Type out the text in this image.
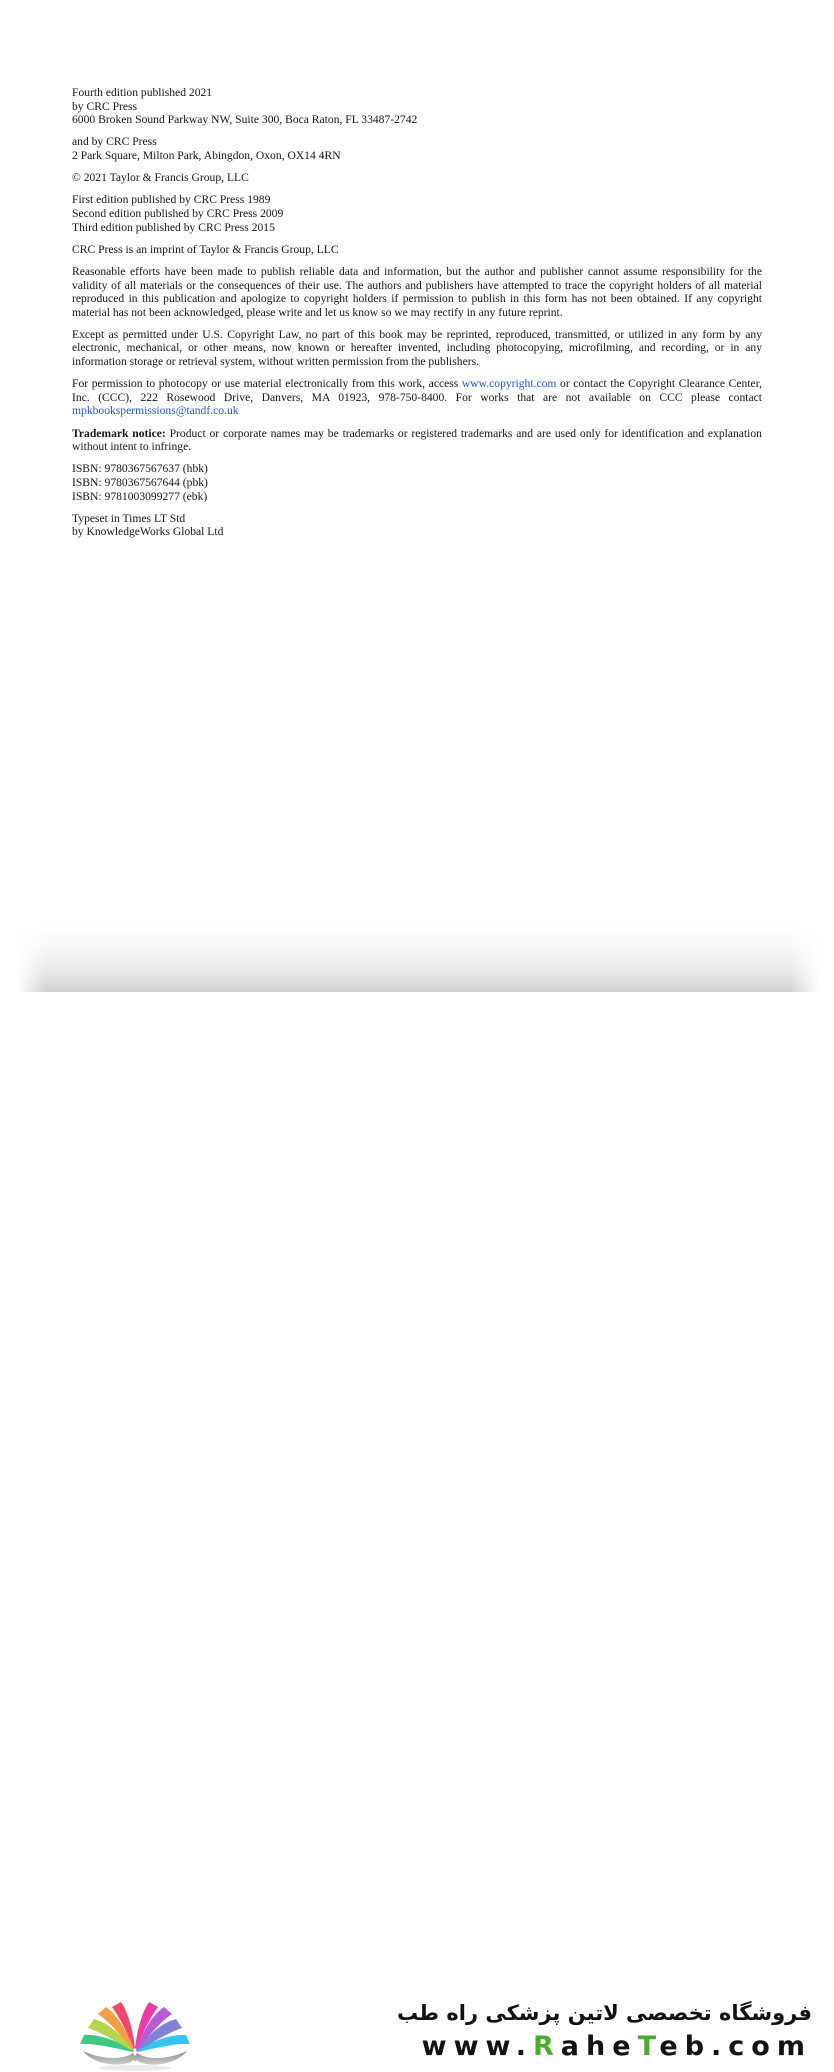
Fourth edition published 2021
by CRC Press
6000 Broken Sound Parkway NW, Suite 300, Boca Raton, FL 33487-2742
and by CRC Press
2 Park Square, Milton Park, Abingdon, Oxon, OX14 4RN
© 2021 Taylor & Francis Group, LLC
First edition published by CRC Press 1989
Second edition published by CRC Press 2009
Third edition published by CRC Press 2015
CRC Press is an imprint of Taylor & Francis Group, LLC
Reasonable efforts have been made to publish reliable data and information, but the author and publisher cannot assume responsibility for the validity of all materials or the consequences of their use. The authors and publishers have attempted to trace the copyright holders of all material reproduced in this publication and apologize to copyright holders if permission to publish in this form has not been obtained. If any copyright material has not been acknowledged, please write and let us know so we may rectify in any future reprint.
Except as permitted under U.S. Copyright Law, no part of this book may be reprinted, reproduced, transmitted, or utilized in any form by any electronic, mechanical, or other means, now known or hereafter invented, including photocopying, microfilming, and recording, or in any information storage or retrieval system, without written permission from the publishers.
For permission to photocopy or use material electronically from this work, access www.copyright.com or contact the Copyright Clearance Center, Inc. (CCC), 222 Rosewood Drive, Danvers, MA 01923, 978-750-8400. For works that are not available on CCC please contact mpkbookspermissions@tandf.co.uk
Trademark notice: Product or corporate names may be trademarks or registered trademarks and are used only for identification and explanation without intent to infringe.
ISBN: 9780367567637 (hbk)
ISBN: 9780367567644 (pbk)
ISBN: 9781003099277 (ebk)
Typeset in Times LT Std
by KnowledgeWorks Global Ltd
فروشگاه تخصصی لاتین پزشکی راه طب
www.RaheTeb.com
